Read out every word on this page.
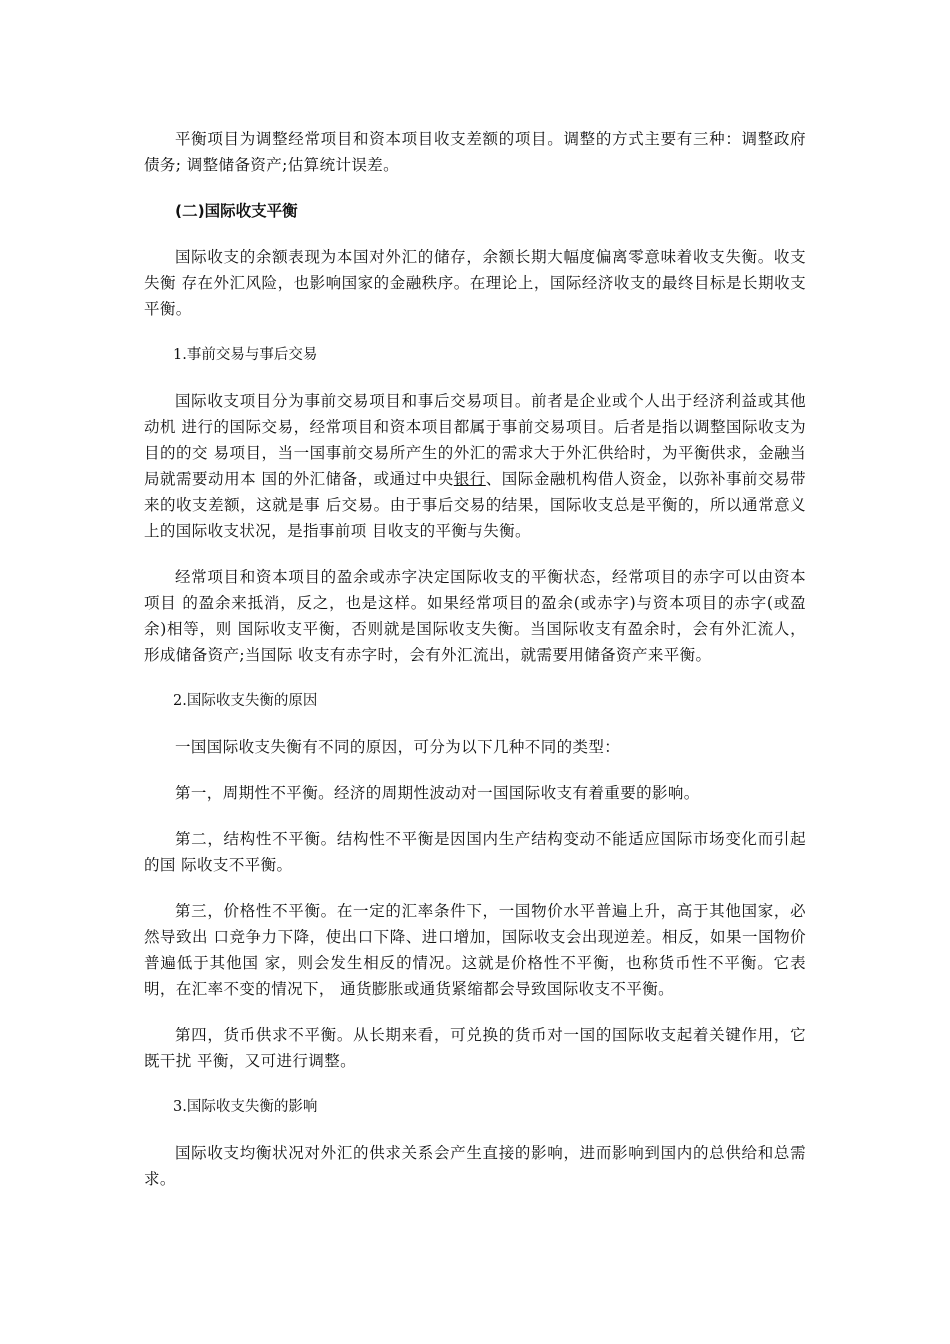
平衡项目为调整经常项目和资本项目收支差额的项目。调整的方式主要有三种：调整政府债务; 调整储备资产;估算统计误差。

(二)国际收支平衡

国际收支的余额表现为本国对外汇的储存，余额长期大幅度偏离零意味着收支失衡。收支失衡 存在外汇风险，也影响国家的金融秩序。在理论上，国际经济收支的最终目标是长期收支平衡。

1.事前交易与事后交易

国际收支项目分为事前交易项目和事后交易项目。前者是企业或个人出于经济利益或其他动机 进行的国际交易，经常项目和资本项目都属于事前交易项目。后者是指以调整国际收支为目的的交 易项目，当一国事前交易所产生的外汇的需求大于外汇供给时，为平衡供求，金融当局就需要动用本 国的外汇储备，或通过中央银行、国际金融机构借人资金，以弥补事前交易带来的收支差额，这就是事 后交易。由于事后交易的结果，国际收支总是平衡的，所以通常意义上的国际收支状况，是指事前项 目收支的平衡与失衡。

经常项目和资本项目的盈余或赤字决定国际收支的平衡状态，经常项目的赤字可以由资本项目 的盈余来抵消，反之，也是这样。如果经常项目的盈余(或赤字)与资本项目的赤字(或盈余)相等，则 国际收支平衡，否则就是国际收支失衡。当国际收支有盈余时，会有外汇流人，形成储备资产;当国际 收支有赤字时，会有外汇流出，就需要用储备资产来平衡。

2.国际收支失衡的原因

一国国际收支失衡有不同的原因，可分为以下几种不同的类型：

第一，周期性不平衡。经济的周期性波动对一国国际收支有着重要的影响。

第二，结构性不平衡。结构性不平衡是因国内生产结构变动不能适应国际市场变化而引起的国 际收支不平衡。

第三，价格性不平衡。在一定的汇率条件下，一国物价水平普遍上升，高于其他国家，必然导致出 口竞争力下降，使出口下降、进口增加，国际收支会出现逆差。相反，如果一国物价普遍低于其他国 家，则会发生相反的情况。这就是价格性不平衡，也称货币性不平衡。它表明，在汇率不变的情况下， 通货膨胀或通货紧缩都会导致国际收支不平衡。

第四，货币供求不平衡。从长期来看，可兑换的货币对一国的国际收支起着关键作用，它既干扰 平衡，又可进行调整。

3.国际收支失衡的影响

国际收支均衡状况对外汇的供求关系会产生直接的影响，进而影响到国内的总供给和总需求。
